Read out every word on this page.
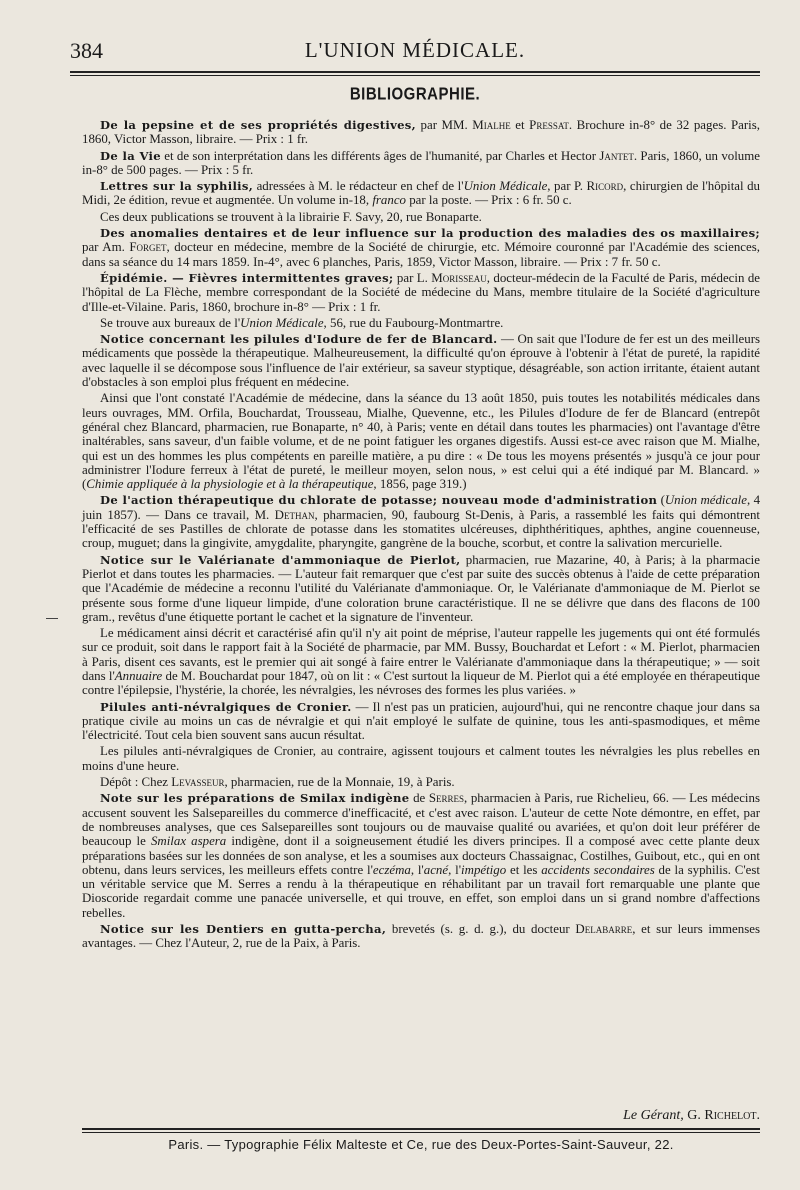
384	L'UNION MÉDICALE.
BIBLIOGRAPHIE.

De la pepsine et de ses propriétés digestives, par MM. Mialhe et Pressat. Brochure in-8° de 32 pages. Paris, 1860, Victor Masson, libraire. — Prix : 1 fr.

De la Vie et de son interprétation dans les différents âges de l'humanité, par Charles et Hector Jantet. Paris, 1860, un volume in-8° de 500 pages. — Prix : 5 fr.

Lettres sur la syphilis, adressées à M. le rédacteur en chef de l'Union Médicale, par P. Ricord, chirurgien de l'hôpital du Midi, 2e édition, revue et augmentée. Un volume in-18, franco par la poste. — Prix : 6 fr. 50 c.

Ces deux publications se trouvent à la librairie F. Savy, 20, rue Bonaparte.

Des anomalies dentaires et de leur influence sur la production des maladies des os maxillaires; par Am. Forget, docteur en médecine, membre de la Société de chirurgie, etc. Mémoire couronné par l'Académie des sciences, dans sa séance du 14 mars 1859. In-4°, avec 6 planches, Paris, 1859, Victor Masson, libraire. — Prix : 7 fr. 50 c.

Épidémie. — Fièvres intermittentes graves; par L. Morisseau, docteur-médecin de la Faculté de Paris, médecin de l'hôpital de La Flèche, membre correspondant de la Société de médecine du Mans, membre titulaire de la Société d'agriculture d'Ille-et-Vilaine. Paris, 1860, brochure in-8° — Prix : 1 fr.

Se trouve aux bureaux de l'Union Médicale, 56, rue du Faubourg-Montmartre.

Notice concernant les pilules d'Iodure de fer de Blancard. — On sait que l'Iodure de fer est un des meilleurs médicaments que possède la thérapeutique. Malheureusement, la difficulté qu'on éprouve à l'obtenir à l'état de pureté, la rapidité avec laquelle il se décompose sous l'influence de l'air extérieur, sa saveur styptique, désagréable, son action irritante, étaient autant d'obstacles à son emploi plus fréquent en médecine.

Ainsi que l'ont constaté l'Académie de médecine, dans la séance du 13 août 1850, puis toutes les notabilités médicales dans leurs ouvrages, MM. Orfila, Bouchardat, Trousseau, Mialhe, Quevenne, etc., les Pilules d'Iodure de fer de Blancard (entrepôt général chez Blancard, pharmacien, rue Bonaparte, n° 40, à Paris; vente en détail dans toutes les pharmacies) ont l'avantage d'être inaltérables, sans saveur, d'un faible volume, et de ne point fatiguer les organes digestifs. Aussi est-ce avec raison que M. Mialhe, qui est un des hommes les plus compétents en pareille matière, a pu dire : « De tous les moyens présentés » jusqu'à ce jour pour administrer l'Iodure ferreux à l'état de pureté, le meilleur moyen, selon nous, » est celui qui a été indiqué par M. Blancard. » (Chimie appliquée à la physiologie et à la thérapeutique, 1856, page 319.)

De l'action thérapeutique du chlorate de potasse; nouveau mode d'administration (Union médicale, 4 juin 1857). — Dans ce travail, M. Dethan, pharmacien, 90, faubourg St-Denis, à Paris, a rassemblé les faits qui démontrent l'efficacité de ses Pastilles de chlorate de potasse dans les stomatites ulcéreuses, diphthéritiques, aphthes, angine couenneuse, croup, muguet; dans la gingivite, amygdalite, pharyngite, gangrène de la bouche, scorbut, et contre la salivation mercurielle.

Notice sur le Valérianate d'ammoniaque de Pierlot, pharmacien, rue Mazarine, 40, à Paris; à la pharmacie Pierlot et dans toutes les pharmacies. — L'auteur fait remarquer que c'est par suite des succès obtenus à l'aide de cette préparation que l'Académie de médecine a reconnu l'utilité du Valérianate d'ammoniaque. Or, le Valérianate d'ammoniaque de M. Pierlot se présente sous forme d'une liqueur limpide, d'une coloration brune caractéristique. Il ne se délivre que dans des flacons de 100 gram., revêtus d'une étiquette portant le cachet et la signature de l'inventeur.

Le médicament ainsi décrit et caractérisé afin qu'il n'y ait point de méprise, l'auteur rappelle les jugements qui ont été formulés sur ce produit, soit dans le rapport fait à la Société de pharmacie, par MM. Bussy, Bouchardat et Lefort : « M. Pierlot, pharmacien à Paris, disent ces savants, est le premier qui ait songé à faire entrer le Valérianate d'ammoniaque dans la thérapeutique; » — soit dans l'Annuaire de M. Bouchardat pour 1847, où on lit : « C'est surtout la liqueur de M. Pierlot qui a été employée en thérapeutique contre l'épilepsie, l'hystérie, la chorée, les névralgies, les névroses des formes les plus variées. »

Pilules anti-névralgiques de Cronier. — Il n'est pas un praticien, aujourd'hui, qui ne rencontre chaque jour dans sa pratique civile au moins un cas de névralgie et qui n'ait employé le sulfate de quinine, tous les anti-spasmodiques, et même l'électricité. Tout cela bien souvent sans aucun résultat.

Les pilules anti-névralgiques de Cronier, au contraire, agissent toujours et calment toutes les névralgies les plus rebelles en moins d'une heure.

Dépôt : Chez Levasseur, pharmacien, rue de la Monnaie, 19, à Paris.

Note sur les préparations de Smilax indigène de Serres, pharmacien à Paris, rue Richelieu, 66. — Les médecins accusent souvent les Salsepareilles du commerce d'inefficacité, et c'est avec raison. L'auteur de cette Note démontre, en effet, par de nombreuses analyses, que ces Salsepareilles sont toujours ou de mauvaise qualité ou avariées, et qu'on doit leur préférer de beaucoup le Smilax aspera indigène, dont il a soigneusement étudié les divers principes. Il a composé avec cette plante deux préparations basées sur les données de son analyse, et les a soumises aux docteurs Chassaignac, Costilhes, Guibout, etc., qui en ont obtenu, dans leurs services, les meilleurs effets contre l'eczéma, l'acné, l'impétigo et les accidents secondaires de la syphilis. C'est un véritable service que M. Serres a rendu à la thérapeutique en réhabilitant par un travail fort remarquable une plante que Dioscoride regardait comme une panacée universelle, et qui trouve, en effet, son emploi dans un si grand nombre d'affections rebelles.

Notice sur les Dentiers en gutta-percha, brevetés (s. g. d. g.), du docteur Delabarre, et sur leurs immenses avantages. — Chez l'Auteur, 2, rue de la Paix, à Paris.

Le Gérant, G. Richelot.
Paris. — Typographie Félix Malteste et Ce, rue des Deux-Portes-Saint-Sauveur, 22.
